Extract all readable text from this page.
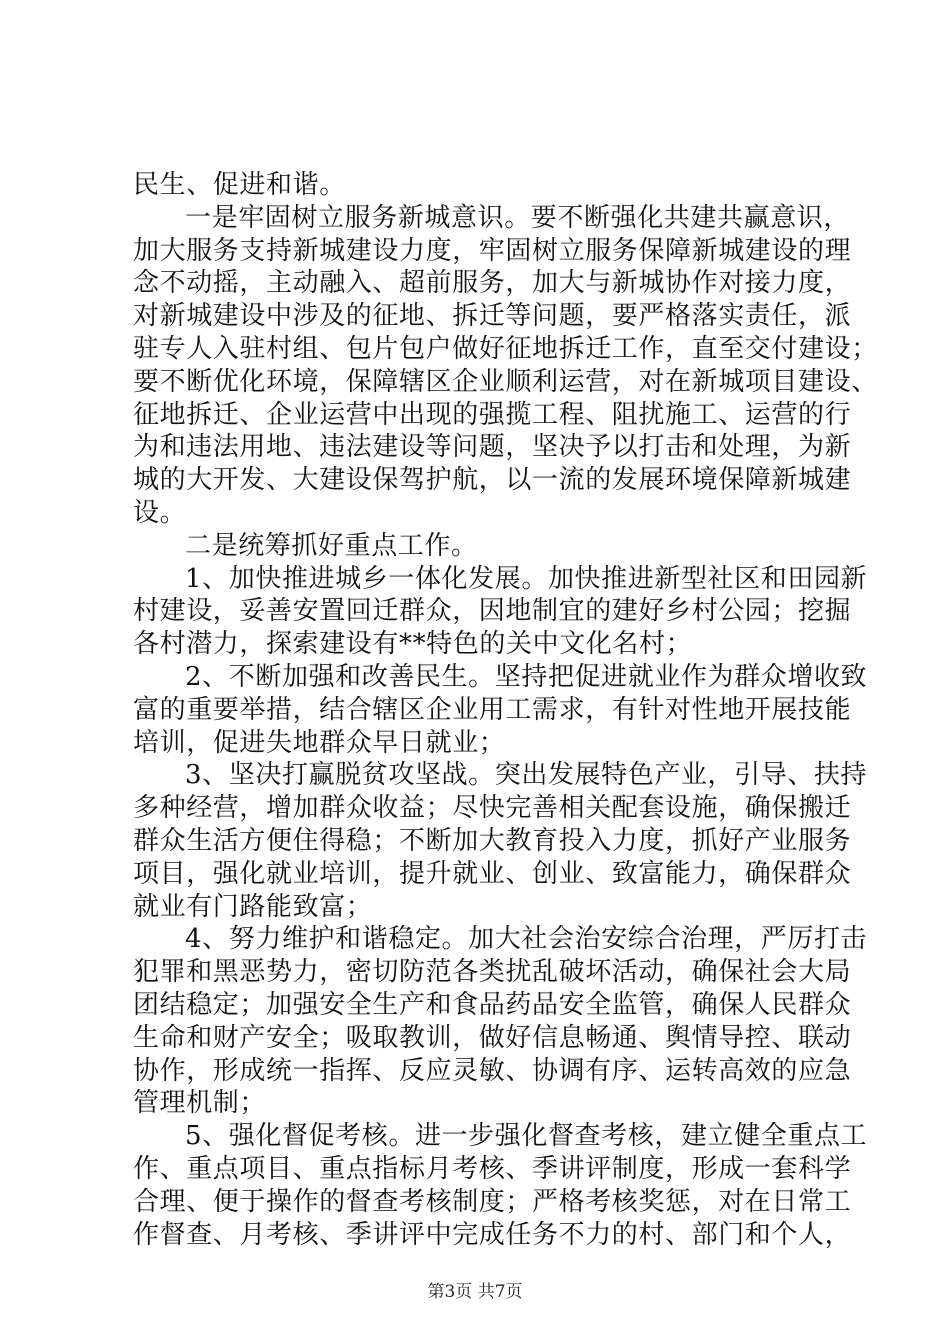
民生、促进和谐。
一是牢固树立服务新城意识。要不断强化共建共赢意识，
加大服务支持新城建设力度，牢固树立服务保障新城建设的理
念不动摇，主动融入、超前服务，加大与新城协作对接力度，
对新城建设中涉及的征地、拆迁等问题，要严格落实责任，派
驻专人入驻村组、包片包户做好征地拆迁工作，直至交付建设；
要不断优化环境，保障辖区企业顺利运营，对在新城项目建设、
征地拆迁、企业运营中出现的强揽工程、阻扰施工、运营的行
为和违法用地、违法建设等问题，坚决予以打击和处理，为新
城的大开发、大建设保驾护航，以一流的发展环境保障新城建
设。
二是统筹抓好重点工作。
1、加快推进城乡一体化发展。加快推进新型社区和田园新
村建设，妥善安置回迁群众，因地制宜的建好乡村公园；挖掘
各村潜力，探索建设有**特色的关中文化名村；
2、不断加强和改善民生。坚持把促进就业作为群众增收致
富的重要举措，结合辖区企业用工需求，有针对性地开展技能
培训，促进失地群众早日就业；
3、坚决打赢脱贫攻坚战。突出发展特色产业，引导、扶持
多种经营，增加群众收益；尽快完善相关配套设施，确保搬迁
群众生活方便住得稳；不断加大教育投入力度，抓好产业服务
项目，强化就业培训，提升就业、创业、致富能力，确保群众
就业有门路能致富；
4、努力维护和谐稳定。加大社会治安综合治理，严厉打击
犯罪和黑恶势力，密切防范各类扰乱破坏活动，确保社会大局
团结稳定；加强安全生产和食品药品安全监管，确保人民群众
生命和财产安全；吸取教训，做好信息畅通、舆情导控、联动
协作，形成统一指挥、反应灵敏、协调有序、运转高效的应急
管理机制；
5、强化督促考核。进一步强化督查考核，建立健全重点工
作、重点项目、重点指标月考核、季讲评制度，形成一套科学
合理、便于操作的督查考核制度；严格考核奖惩，对在日常工
作督查、月考核、季讲评中完成任务不力的村、部门和个人，
第3页 共7页
